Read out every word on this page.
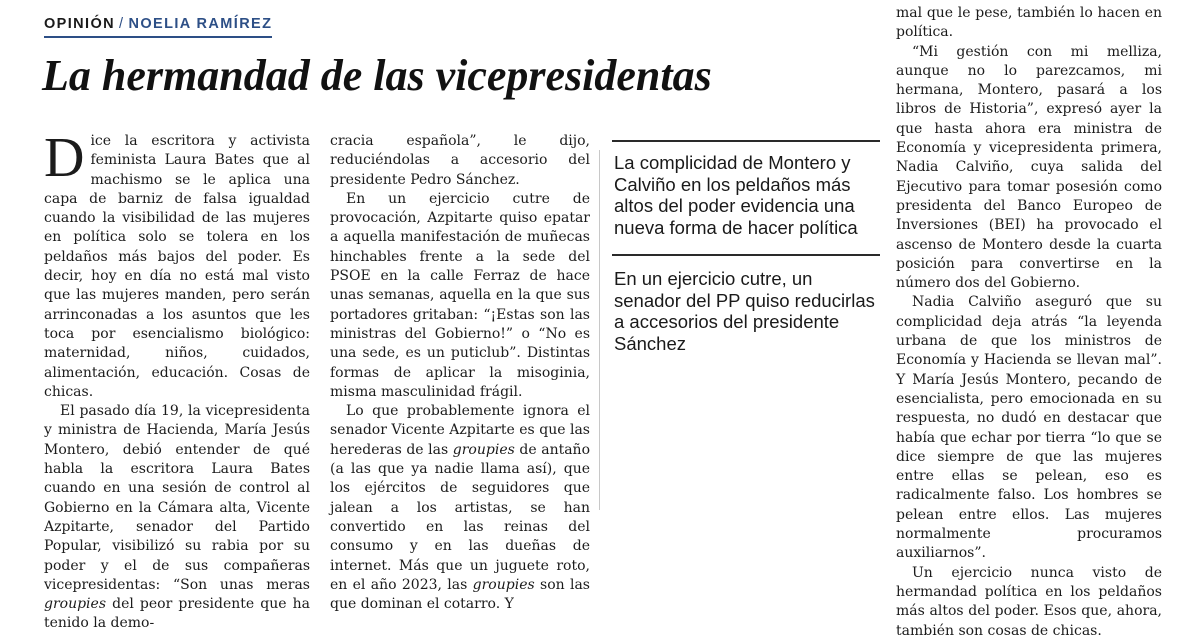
OPINIÓN / NOELIA RAMÍREZ
La hermandad de las vicepresidentas

Dice la escritora y activista feminista Laura Bates que al machismo se le aplica una capa de barniz de falsa igualdad cuando la visibilidad de las mujeres en política solo se tolera en los peldaños más bajos del poder. Es decir, hoy en día no está mal visto que las mujeres manden, pero serán arrinconadas a los asuntos que les toca por esencialismo biológico: maternidad, niños, cuidados, alimentación, educación. Cosas de chicas.

El pasado día 19, la vicepresidenta y ministra de Hacienda, María Jesús Montero, debió entender de qué habla la escritora Laura Bates cuando en una sesión de control al Gobierno en la Cámara alta, Vicente Azpitarte, senador del Partido Popular, visibilizó su rabia por su poder y el de sus compañeras vicepresidentas: “Son unas meras groupies del peor presidente que ha tenido la demo-

cracia española”, le dijo, reduciéndolas a accesorio del presidente Pedro Sánchez.

En un ejercicio cutre de provocación, Azpitarte quiso epatar a aquella manifestación de muñecas hinchables frente a la sede del PSOE en la calle Ferraz de hace unas semanas, aquella en la que sus portadores gritaban: “¡Estas son las ministras del Gobierno!” o “No es una sede, es un puticlub”. Distintas formas de aplicar la misoginia, misma masculinidad frágil.

Lo que probablemente ignora el senador Vicente Azpitarte es que las herederas de las groupies de antaño (a las que ya nadie llama así), que los ejércitos de seguidores que jalean a los artistas, se han convertido en las reinas del consumo y en las dueñas de internet. Más que un juguete roto, en el año 2023, las groupies son las que dominan el cotarro. Y

La complicidad de Montero y Calviño en los peldaños más altos del poder evidencia una nueva forma de hacer política
En un ejercicio cutre, un senador del PP quiso reducirlas a accesorios del presidente Sánchez

mal que le pese, también lo hacen en política.

“Mi gestión con mi melliza, aunque no lo parezcamos, mi hermana, Montero, pasará a los libros de Historia”, expresó ayer la que hasta ahora era ministra de Economía y vicepresidenta primera, Nadia Calviño, cuya salida del Ejecutivo para tomar posesión como presidenta del Banco Europeo de Inversiones (BEI) ha provocado el ascenso de Montero desde la cuarta posición para convertirse en la número dos del Gobierno.

Nadia Calviño aseguró que su complicidad deja atrás “la leyenda urbana de que los ministros de Economía y Hacienda se llevan mal”. Y María Jesús Montero, pecando de esencialista, pero emocionada en su respuesta, no dudó en destacar que había que echar por tierra “lo que se dice siempre de que las mujeres entre ellas se pelean, eso es radicalmente falso. Los hombres se pelean entre ellos. Las mujeres normalmente procuramos auxiliarnos”.

Un ejercicio nunca visto de hermandad política en los peldaños más altos del poder. Esos que, ahora, también son cosas de chicas.
